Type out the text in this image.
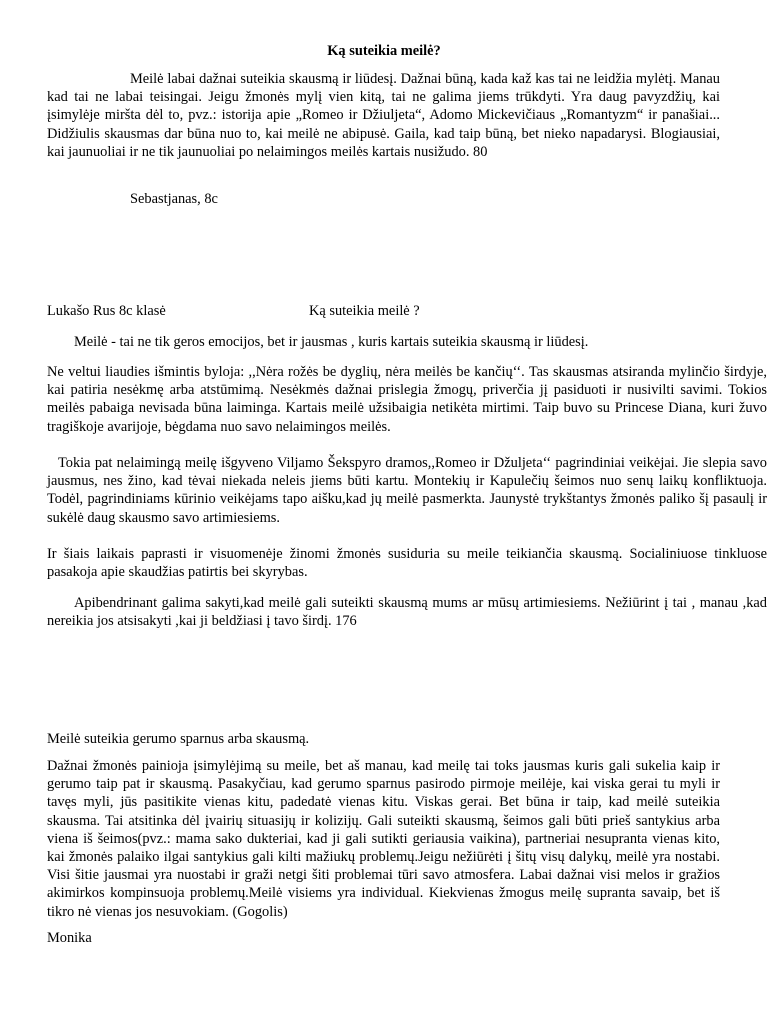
Ką suteikia meilė?

Meilė labai dažnai suteikia skausmą ir liūdesį. Dažnai būną, kada kaž kas tai ne leidžia mylėtį. Manau kad tai ne labai teisingai. Jeigu žmonės mylį vien kitą, tai ne galima jiems trūkdyti. Yra daug pavyzdžių, kai įsimylėje miršta dėl to, pvz.: istorija apie „Romeo ir Džiuljeta“, Adomo Mickevičiaus „Romantyzm“ ir panašiai... Didžiulis skausmas dar būna nuo to, kai meilė ne abipusė. Gaila, kad taip būną, bet nieko napadarysi. Blogiausiai, kai jaunuoliai ir ne tik jaunuoliai po nelaimingos meilės kartais nusižudo. 80

Sebastjanas, 8c

Lukašo Rus 8c klasė	Ką suteikia meilė ?

Meilė - tai ne tik geros emocijos, bet ir jausmas , kuris kartais suteikia skausmą ir liūdesį.

Ne veltui liaudies išmintis byloja: ,,Nėra rožės be dyglių, nėra meilės be kančių‘‘. Tas skausmas atsiranda mylinčio širdyje, kai patiria nesėkmę arba atstūmimą. Nesėkmės dažnai prislegia žmogų, priverčia jį pasiduoti ir nusivilti savimi. Tokios meilės pabaiga nevisada būna laiminga. Kartais meilė užsibaigia netikėta mirtimi. Taip buvo su Princese Diana, kuri žuvo tragiškoje avarijoje, bėgdama nuo savo nelaimingos meilės.

Tokia pat nelaimingą meilę išgyveno Viljamo Šekspyro dramos,,Romeo ir Džuljeta‘‘ pagrindiniai veikėjai. Jie slepia savo jausmus, nes žino, kad tėvai niekada neleis jiems būti kartu. Montekių ir Kapulečių šeimos nuo senų laikų konfliktuoja. Todėl, pagrindiniams kūrinio veikėjams tapo aišku,kad jų meilė pasmerkta. Jaunystė trykštantys žmonės paliko šį pasaulį ir sukėlė daug skausmo savo artimiesiems.

Ir šiais laikais paprasti ir visuomenėje žinomi žmonės susiduria su meile teikiančia skausmą. Socialiniuose tinkluose pasakoja apie skaudžias patirtis bei skyrybas.

Apibendrinant galima sakyti,kad meilė gali suteikti skausmą mums ar mūsų artimiesiems. Nežiūrint į tai , manau ,kad nereikia jos atsisakyti ,kai ji beldžiasi į tavo širdį. 176

Meilė suteikia gerumo sparnus arba skausmą.

Dažnai žmonės painioja įsimylėjimą su meile, bet aš manau, kad meilę tai toks jausmas kuris gali sukelia kaip ir gerumo taip pat ir skausmą. Pasakyčiau, kad gerumo sparnus pasirodo pirmoje meilėje, kai viska gerai tu myli ir tavęs myli, jūs pasitikite vienas kitu, padedatė vienas kitu. Viskas gerai. Bet būna ir taip, kad meilė suteikia skausma. Tai atsitinka dėl įvairių situasijų ir kolizijų. Gali suteikti skausmą, šeimos gali būti prieš santykius arba viena iš šeimos(pvz.: mama sako dukteriai, kad ji gali sutikti geriausia vaikina), partneriai nesupranta vienas kito, kai žmonės palaiko ilgai santykius gali kilti mažiukų problemų.Jeigu nežiūrėti į šitų visų dalykų, meilė yra nostabi. Visi šitie jausmai yra nuostabi ir graži netgi šiti problemai tūri savo atmosfera. Labai dažnai visi melos ir gražios akimirkos kompinsuoja problemų.Meilė visiems yra individual. Kiekvienas žmogus meilę supranta savaip, bet iš tikro nė vienas jos nesuvokiam. (Gogolis)

Monika
